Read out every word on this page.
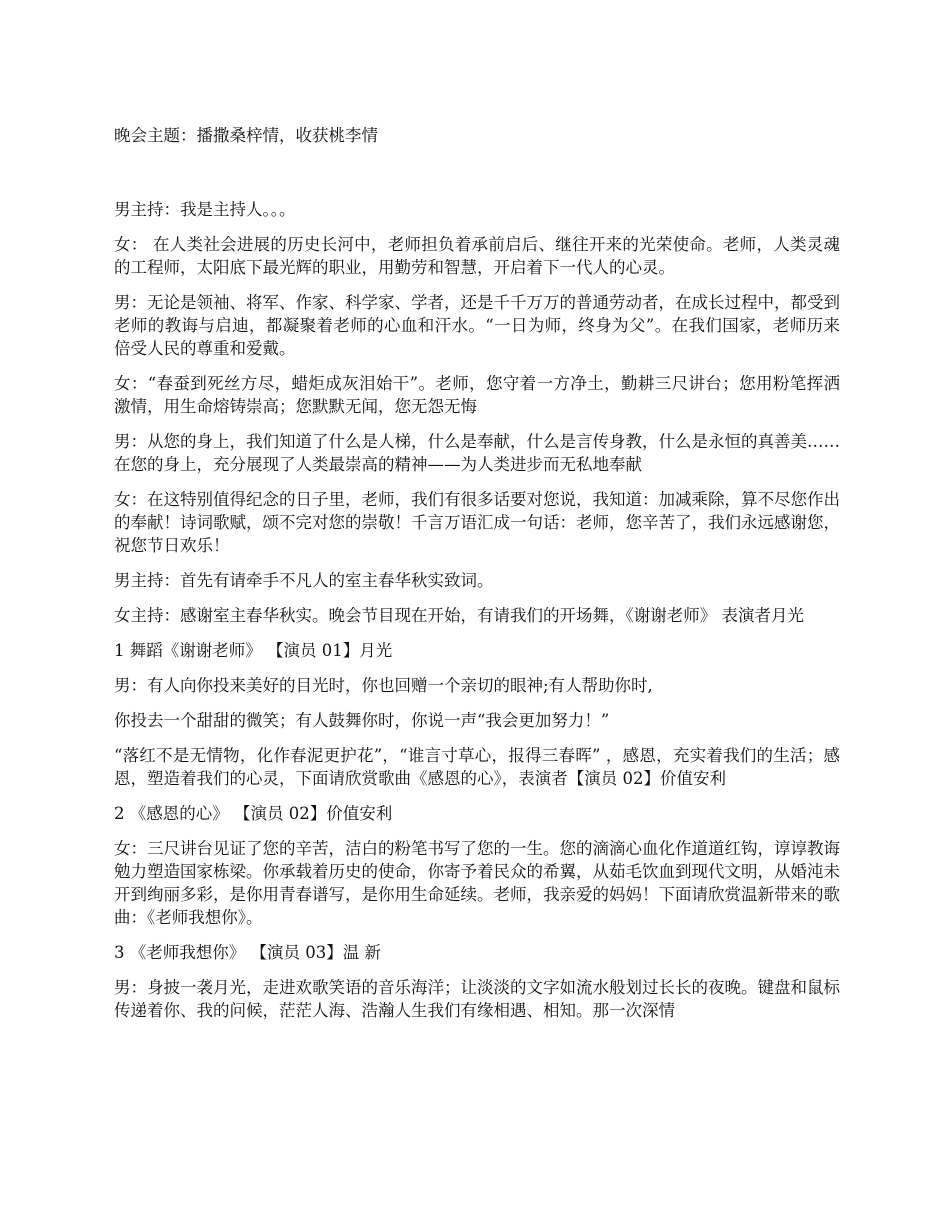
晚会主题：播撒桑梓情，收获桃李情

男主持：我是主持人。。。

女： 在人类社会进展的历史长河中，老师担负着承前启后、继往开来的光荣使命。老师，人类灵魂的工程师，太阳底下最光辉的职业，用勤劳和智慧，开启着下一代人的心灵。

男：无论是领袖、将军、作家、科学家、学者，还是千千万万的普通劳动者，在成长过程中，都受到老师的教诲与启迪，都凝聚着老师的心血和汗水。“一日为师，终身为父”。在我们国家，老师历来倍受人民的尊重和爱戴。

女：“春蚕到死丝方尽，蜡炬成灰泪始干”。老师，您守着一方净土，勤耕三尺讲台；您用粉笔挥洒激情，用生命熔铸崇高；您默默无闻，您无怨无悔

男：从您的身上，我们知道了什么是人梯，什么是奉献，什么是言传身教，什么是永恒的真善美……在您的身上，充分展现了人类最崇高的精神——为人类进步而无私地奉献

女：在这特别值得纪念的日子里，老师，我们有很多话要对您说，我知道：加减乘除，算不尽您作出的奉献！诗词歌赋，颂不完对您的崇敬！千言万语汇成一句话：老师，您辛苦了，我们永远感谢您，祝您节日欢乐！

男主持：首先有请牵手不凡人的室主春华秋实致词。

女主持：感谢室主春华秋实。晚会节目现在开始，有请我们的开场舞，《谢谢老师》 表演者月光

1 舞蹈《谢谢老师》 【演员 01】月光

男：有人向你投来美好的目光时，你也回赠一个亲切的眼神;有人帮助你时,

你投去一个甜甜的微笑；有人鼓舞你时，你说一声“我会更加努力！”

“落红不是无情物，化作春泥更护花”，“谁言寸草心，报得三春晖” ，感恩，充实着我们的生活；感恩，塑造着我们的心灵，下面请欣赏歌曲《感恩的心》，表演者【演员 02】价值安利

2 《感恩的心》 【演员 02】价值安利

女：三尺讲台见证了您的辛苦，洁白的粉笔书写了您的一生。您的滴滴心血化作道道红钩，谆谆教诲勉力塑造国家栋梁。你承载着历史的使命，你寄予着民众的希翼，从茹毛饮血到现代文明，从婚沌未开到绚丽多彩，是你用青春谱写，是你用生命延续。老师，我亲爱的妈妈！下面请欣赏温新带来的歌曲：《老师我想你》。

3 《老师我想你》 【演员 03】温 新

男：身披一袭月光，走进欢歌笑语的音乐海洋；让淡淡的文字如流水般划过长长的夜晚。键盘和鼠标传递着你、我的问候，茫茫人海、浩瀚人生我们有缘相遇、相知。那一次深情
